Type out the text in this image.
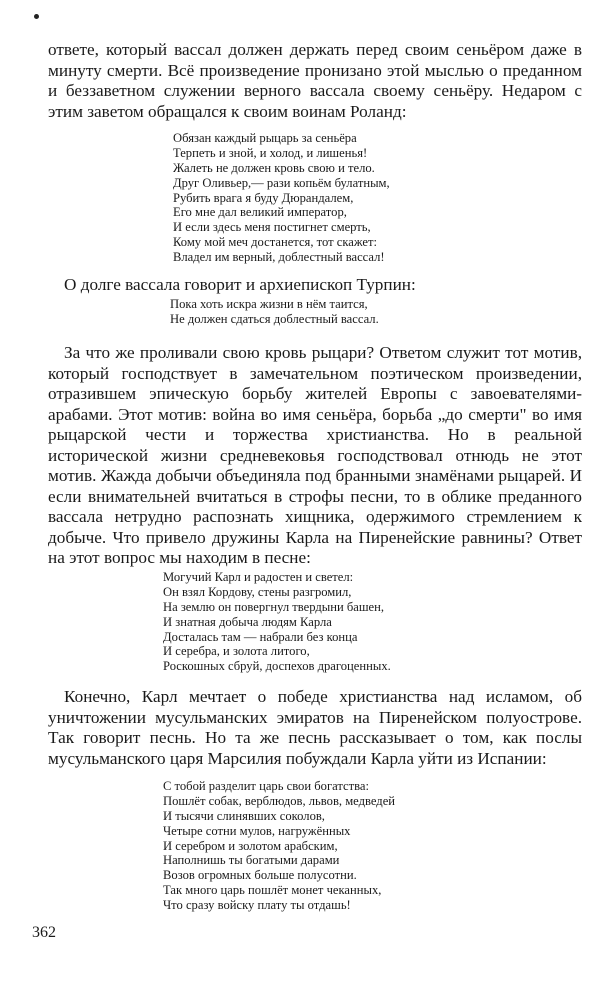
ответе, который вассал должен держать перед своим сеньёром даже в минуту смерти. Всё произведение пронизано этой мыслью о преданном и беззаветном служении верного вассала своему сеньёру. Недаром с этим заветом обращался к своим воинам Роланд:

Обязан каждый рыцарь за сеньёра
Терпеть и зной, и холод, и лишенья!
Жалеть не должен кровь свою и тело.
Друг Оливьер,— рази копьём булатным,
Рубить врага я буду Дюрандалем,
Его мне дал великий император,
И если здесь меня постигнет смерть,
Кому мой меч достанется, тот скажет:
Владел им верный, доблестный вассал!

О долге вассала говорит и архиепископ Турпин:

Пока хоть искра жизни в нём таится,
Не должен сдаться доблестный вассал.

За что же проливали свою кровь рыцари? Ответом служит тот мотив, который господствует в замечательном поэтическом произведении, отразившем эпическую борьбу жителей Европы с завоевателями-арабами. Этот мотив: война во имя сеньёра, борьба „до смерти" во имя рыцарской чести и торжества христианства. Но в реальной исторической жизни средневековья господствовал отнюдь не этот мотив. Жажда добычи объединяла под бранными знамёнами рыцарей. И если внимательней вчитаться в строфы песни, то в облике преданного вассала нетрудно распознать хищника, одержимого стремлением к добыче. Что привело дружины Карла на Пиренейские равнины? Ответ на этот вопрос мы находим в песне:

Могучий Карл и радостен и светел:
Он взял Кордову, стены разгромил,
На землю он повергнул твердыни башен,
И знатная добыча людям Карла
Досталась там — набрали без конца
И серебра, и золота литого,
Роскошных сбруй, доспехов драгоценных.

Конечно, Карл мечтает о победе христианства над исламом, об уничтожении мусульманских эмиратов на Пиренейском полуострове. Так говорит песнь. Но та же песнь рассказывает о том, как послы мусульманского царя Марсилия побуждали Карла уйти из Испании:

С тобой разделит царь свои богатства:
Пошлёт собак, верблюдов, львов, медведей
И тысячи слинявших соколов,
Четыре сотни мулов, нагружённых
И серебром и золотом арабским,
Наполнишь ты богатыми дарами
Возов огромных больше полусотни.
Так много царь пошлёт монет чеканных,
Что сразу войску плату ты отдашь!
362
